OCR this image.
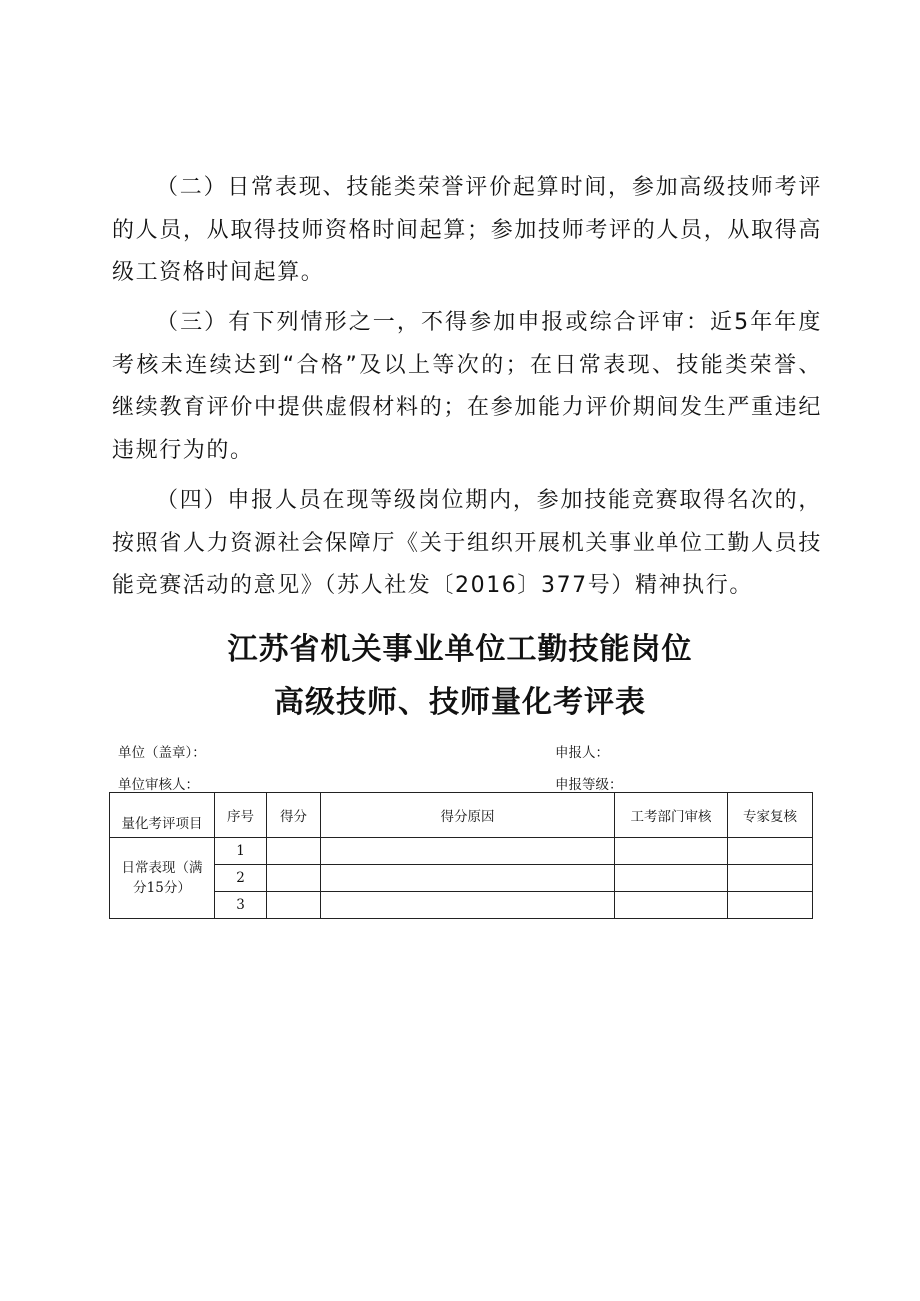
（二）日常表现、技能类荣誉评价起算时间，参加高级技师考评的人员，从取得技师资格时间起算；参加技师考评的人员，从取得高级工资格时间起算。

（三）有下列情形之一，不得参加申报或综合评审：近5年年度考核未连续达到“合格”及以上等次的；在日常表现、技能类荣誉、继续教育评价中提供虚假材料的；在参加能力评价期间发生严重违纪违规行为的。

（四）申报人员在现等级岗位期内，参加技能竞赛取得名次的，按照省人力资源社会保障厅《关于组织开展机关事业单位工勤人员技能竞赛活动的意见》（苏人社发〔2016〕377号）精神执行。

江苏省机关事业单位工勤技能岗位
高级技师、技师量化考评表
单位（盖章）：	申报人：
单位审核人：	申报等级：
量化考评项目	序号	得分	得分原因	工考部门审核	专家复核

日常表现（满
分15分）	1				
	2				
	3				
